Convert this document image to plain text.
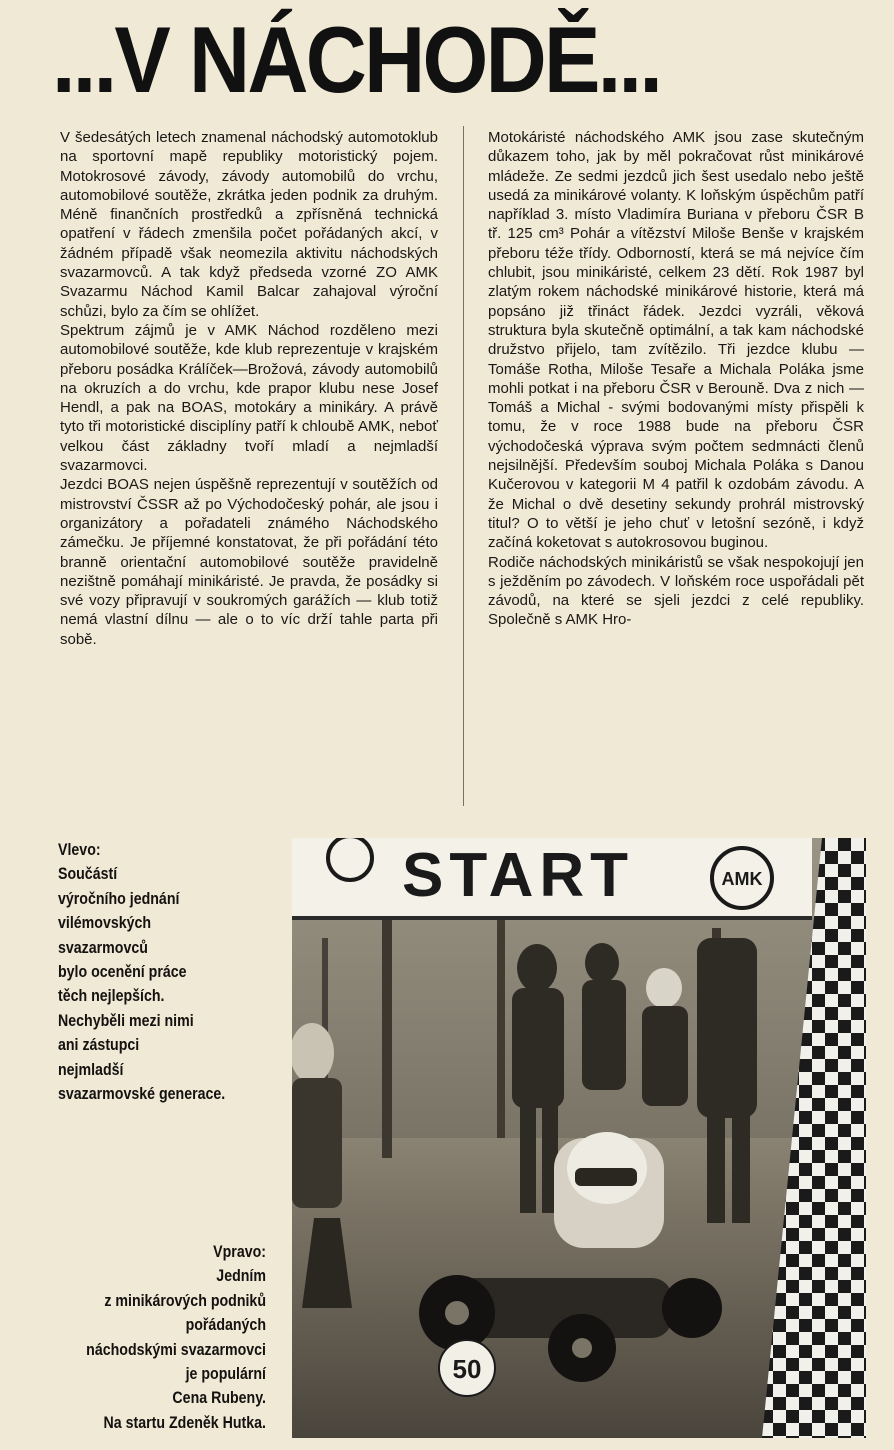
...V NÁCHODĚ...

V šedesátých letech znamenal náchodský automotoklub na sportovní mapě republiky motoristický pojem. Motokrosové závody, závody automobilů do vrchu, automobilové soutěže, zkrátka jeden podnik za druhým. Méně finančních prostředků a zpřísněná technická opatření v řádech zmenšila počet pořádaných akcí, v žádném případě však neomezila aktivitu náchodských svazarmovců. A tak když předseda vzorné ZO AMK Svazarmu Náchod Kamil Balcar zahajoval výroční schůzi, bylo za čím se ohlížet.

Spektrum zájmů je v AMK Náchod rozděleno mezi automobilové soutěže, kde klub reprezentuje v krajském přeboru posádka Králíček—Brožová, závody automobilů na okruzích a do vrchu, kde prapor klubu nese Josef Hendl, a pak na BOAS, motokáry a minikáry. A právě tyto tři motoristické disciplíny patří k chloubě AMK, neboť velkou část základny tvoří mladí a nejmladší svazarmovci.

Jezdci BOAS nejen úspěšně reprezentují v soutěžích od mistrovství ČSSR až po Východočeský pohár, ale jsou i organizátory a pořadateli známého Náchodského zámečku. Je příjemné konstatovat, že při pořádání této branně orientační automobilové soutěže pravidelně nezištně pomáhají minikáristé. Je pravda, že posádky si své vozy připravují v soukromých garážích — klub totiž nemá vlastní dílnu — ale o to víc drží tahle parta při sobě.

Motokáristé náchodského AMK jsou zase skutečným důkazem toho, jak by měl pokračovat růst minikárové mládeže. Ze sedmi jezdců jich šest usedalo nebo ještě usedá za minikárové volanty. K loňským úspěchům patří například 3. místo Vladimíra Buriana v přeboru ČSR B tř. 125 cm³ Pohár a vítězství Miloše Benše v krajském přeboru téže třídy. Odborností, která se má nejvíce čím chlubit, jsou minikáristé, celkem 23 dětí. Rok 1987 byl zlatým rokem náchodské minikárové historie, která má popsáno již třináct řádek. Jezdci vyzráli, věková struktura byla skutečně optimální, a tak kam náchodské družstvo přijelo, tam zvítězilo. Tři jezdce klubu — Tomáše Rotha, Miloše Tesaře a Michala Poláka jsme mohli potkat i na přeboru ČSR v Berouně. Dva z nich — Tomáš a Michal - svými bodovanými místy přispěli k tomu, že v roce 1988 bude na přeboru ČSR východočeská výprava svým počtem sedmnácti členů nejsilnější. Především souboj Michala Poláka s Danou Kučerovou v kategorii M 4 patřil k ozdobám závodu. A že Michal o dvě desetiny sekundy prohrál mistrovský titul? O to větší je jeho chuť v letošní sezóně, i když začíná koketovat s autokrosovou buginou.

Rodiče náchodských minikáristů se však nespokojují jen s ježděním po závodech. V loňském roce uspořádali pět závodů, na které se sjeli jezdci z celé republiky. Společně s AMK Hro-

Vlevo:
Součástí
výročního jednání
vilémovských
svazarmovců
bylo ocenění práce
těch nejlepších.
Nechyběli mezi nimi
ani zástupci
nejmladší
svazarmovské generace.
Vpravo:
Jedním
z minikárových podniků
pořádaných
náchodskými svazarmovci
je populární
Cena Rubeny.
Na startu Zdeněk Hutka.
START	AMK
50
